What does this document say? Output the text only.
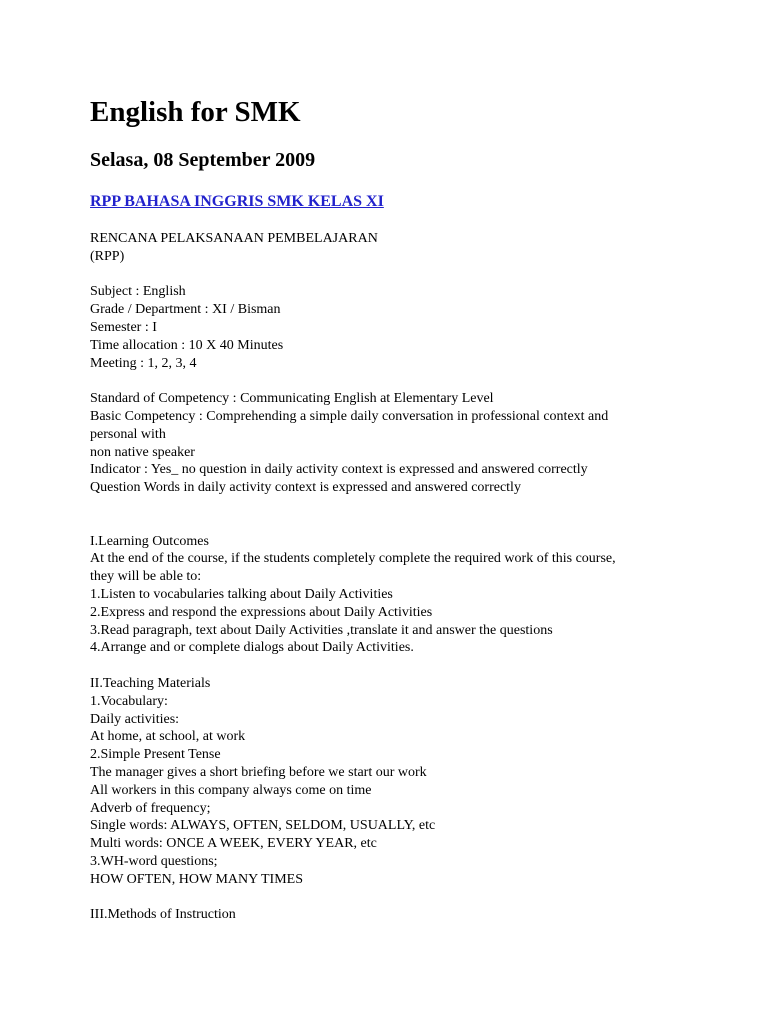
English for SMK
Selasa, 08 September 2009
RPP BAHASA INGGRIS SMK KELAS XI
RENCANA PELAKSANAAN PEMBELAJARAN
(RPP)
Subject : English
Grade / Department : XI / Bisman
Semester : I
Time allocation : 10 X 40 Minutes
Meeting : 1, 2, 3, 4
Standard of Competency : Communicating English at Elementary Level
Basic Competency : Comprehending a simple daily conversation in professional context and
personal with
non native speaker
Indicator : Yes_ no question in daily activity context is expressed and answered correctly
Question Words in daily activity context is expressed and answered correctly
I.Learning Outcomes
At the end of the course, if the students completely complete the required work of this course,
they will be able to:
1.Listen to vocabularies talking about Daily Activities
2.Express and respond the expressions about Daily Activities
3.Read paragraph, text about Daily Activities ,translate it and answer the questions
4.Arrange and or complete dialogs about Daily Activities.
II.Teaching Materials
1.Vocabulary:
Daily activities:
At home, at school, at work
2.Simple Present Tense
The manager gives a short briefing before we start our work
All workers in this company always come on time
Adverb of frequency;
Single words: ALWAYS, OFTEN, SELDOM, USUALLY, etc
Multi words: ONCE A WEEK, EVERY YEAR, etc
3.WH-word questions;
HOW OFTEN, HOW MANY TIMES
III.Methods of Instruction
